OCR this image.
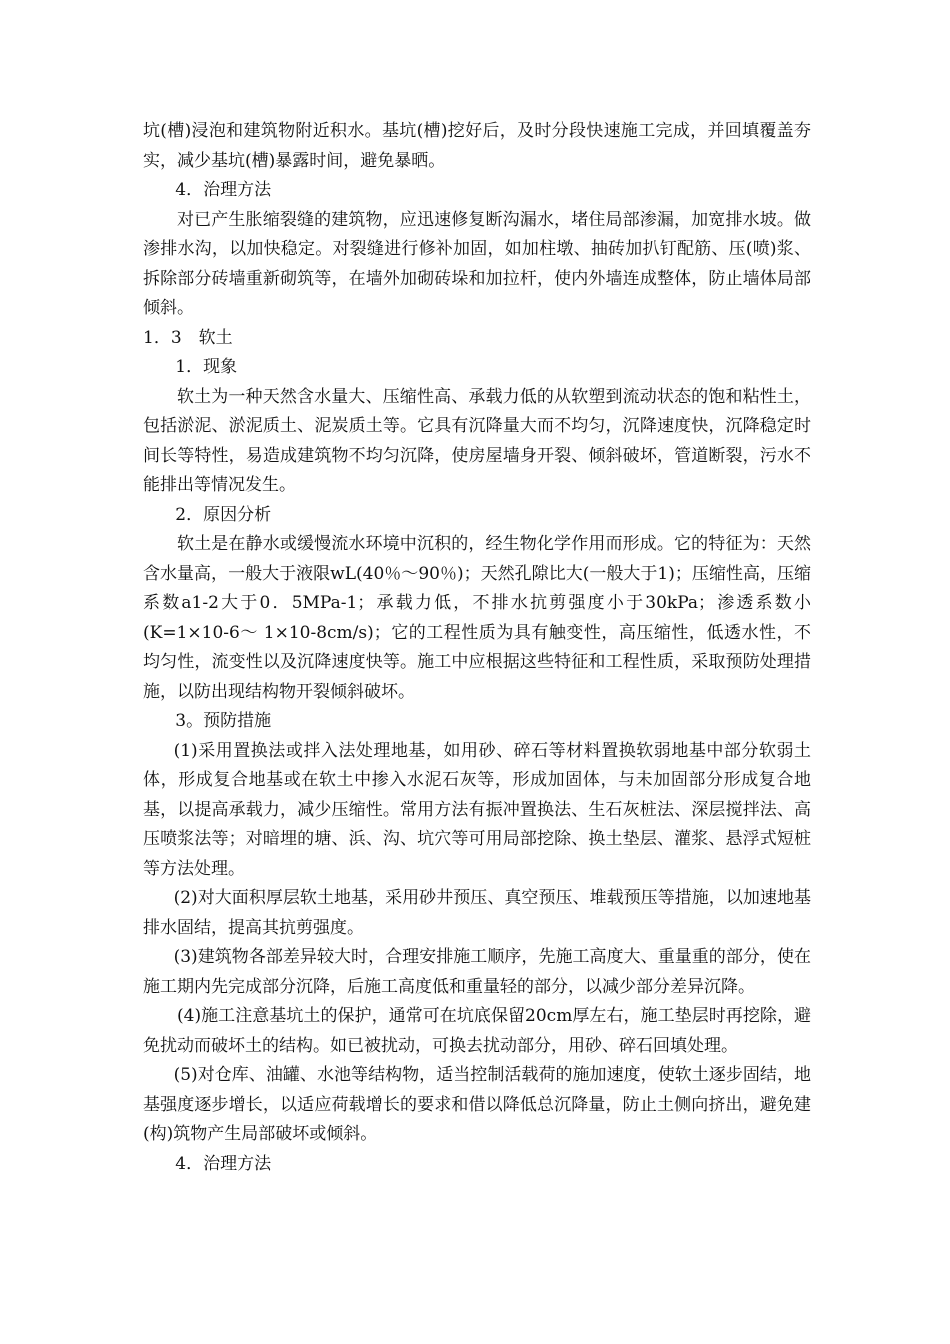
坑(槽)浸泡和建筑物附近积水。基坑(槽)挖好后，及时分段快速施工完成，并回填覆盖夯实，减少基坑(槽)暴露时间，避免暴晒。

4．治理方法

对已产生胀缩裂缝的建筑物，应迅速修复断沟漏水，堵住局部渗漏，加宽排水坡。做渗排水沟，以加快稳定。对裂缝进行修补加固，如加柱墩、抽砖加扒钉配筋、压(喷)浆、拆除部分砖墙重新砌筑等，在墙外加砌砖垛和加拉杆，使内外墙连成整体，防止墙体局部倾斜。

1．3　软土

1．现象

软土为一种天然含水量大、压缩性高、承载力低的从软塑到流动状态的饱和粘性土，包括淤泥、淤泥质土、泥炭质土等。它具有沉降量大而不均匀，沉降速度快，沉降稳定时间长等特性，易造成建筑物不均匀沉降，使房屋墙身开裂、倾斜破坏，管道断裂，污水不能排出等情况发生。

2．原因分析

软土是在静水或缓慢流水环境中沉积的，经生物化学作用而形成。它的特征为：天然含水量高，一般大于液限wL(40％～90％)；天然孔隙比大(一般大于1)；压缩性高，压缩系数a1-2大于0．5MPa-1；承载力低，不排水抗剪强度小于30kPa；渗透系数小(K=1×10-6～ 1×10-8cm/s)；它的工程性质为具有触变性，高压缩性，低透水性，不均匀性，流变性以及沉降速度快等。施工中应根据这些特征和工程性质，采取预防处理措施，以防出现结构物开裂倾斜破坏。

3。预防措施

(1)采用置换法或拌入法处理地基，如用砂、碎石等材料置换软弱地基中部分软弱土体，形成复合地基或在软土中掺入水泥石灰等，形成加固体，与未加固部分形成复合地基，以提高承载力，减少压缩性。常用方法有振冲置换法、生石灰桩法、深层搅拌法、高压喷浆法等；对暗埋的塘、浜、沟、坑穴等可用局部挖除、换土垫层、灌浆、悬浮式短桩等方法处理。

(2)对大面积厚层软土地基，采用砂井预压、真空预压、堆载预压等措施，以加速地基排水固结，提高其抗剪强度。

(3)建筑物各部差异较大时，合理安排施工顺序，先施工高度大、重量重的部分，使在施工期内先完成部分沉降，后施工高度低和重量轻的部分，以减少部分差异沉降。

(4)施工注意基坑土的保护，通常可在坑底保留20cm厚左右，施工垫层时再挖除，避免扰动而破坏土的结构。如已被扰动，可换去扰动部分，用砂、碎石回填处理。

(5)对仓库、油罐、水池等结构物，适当控制活载荷的施加速度，使软土逐步固结，地基强度逐步增长，以适应荷载增长的要求和借以降低总沉降量，防止土侧向挤出，避免建(构)筑物产生局部破坏或倾斜。

4．治理方法
